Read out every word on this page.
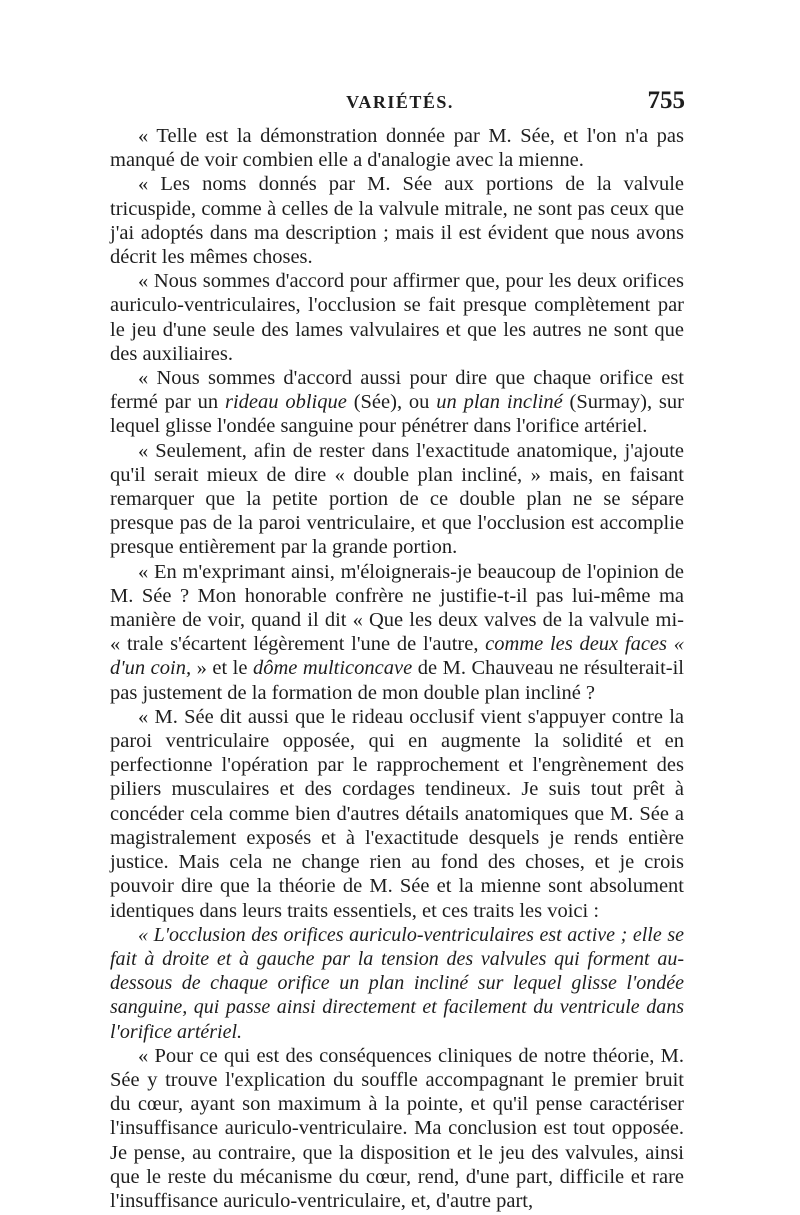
VARIÉTÉS.	755

« Telle est la démonstration donnée par M. Sée, et l'on n'a pas manqué de voir combien elle a d'analogie avec la mienne.

« Les noms donnés par M. Sée aux portions de la valvule tricuspide, comme à celles de la valvule mitrale, ne sont pas ceux que j'ai adoptés dans ma description ; mais il est évident que nous avons décrit les mêmes choses.

« Nous sommes d'accord pour affirmer que, pour les deux orifices auriculo-ventriculaires, l'occlusion se fait presque complètement par le jeu d'une seule des lames valvulaires et que les autres ne sont que des auxiliaires.

« Nous sommes d'accord aussi pour dire que chaque orifice est fermé par un rideau oblique (Sée), ou un plan incliné (Surmay), sur lequel glisse l'ondée sanguine pour pénétrer dans l'orifice artériel.

« Seulement, afin de rester dans l'exactitude anatomique, j'ajoute qu'il serait mieux de dire « double plan incliné, » mais, en faisant remarquer que la petite portion de ce double plan ne se sépare presque pas de la paroi ventriculaire, et que l'occlusion est accomplie presque entièrement par la grande portion.

« En m'exprimant ainsi, m'éloignerais-je beaucoup de l'opinion de M. Sée ? Mon honorable confrère ne justifie-t-il pas lui-même ma manière de voir, quand il dit « Que les deux valves de la valvule mi- « trale s'écartent légèrement l'une de l'autre, comme les deux faces « d'un coin, » et le dôme multiconcave de M. Chauveau ne résulterait-il pas justement de la formation de mon double plan incliné ?

« M. Sée dit aussi que le rideau occlusif vient s'appuyer contre la paroi ventriculaire opposée, qui en augmente la solidité et en perfectionne l'opération par le rapprochement et l'engrènement des piliers musculaires et des cordages tendineux. Je suis tout prêt à concéder cela comme bien d'autres détails anatomiques que M. Sée a magistralement exposés et à l'exactitude desquels je rends entière justice. Mais cela ne change rien au fond des choses, et je crois pouvoir dire que la théorie de M. Sée et la mienne sont absolument identiques dans leurs traits essentiels, et ces traits les voici :

« L'occlusion des orifices auriculo-ventriculaires est active ; elle se fait à droite et à gauche par la tension des valvules qui forment au-dessous de chaque orifice un plan incliné sur lequel glisse l'ondée sanguine, qui passe ainsi directement et facilement du ventricule dans l'orifice artériel.

« Pour ce qui est des conséquences cliniques de notre théorie, M. Sée y trouve l'explication du souffle accompagnant le premier bruit du cœur, ayant son maximum à la pointe, et qu'il pense caractériser l'insuffisance auriculo-ventriculaire. Ma conclusion est tout opposée. Je pense, au contraire, que la disposition et le jeu des valvules, ainsi que le reste du mécanisme du cœur, rend, d'une part, difficile et rare l'insuffisance auriculo-ventriculaire, et, d'autre part,
